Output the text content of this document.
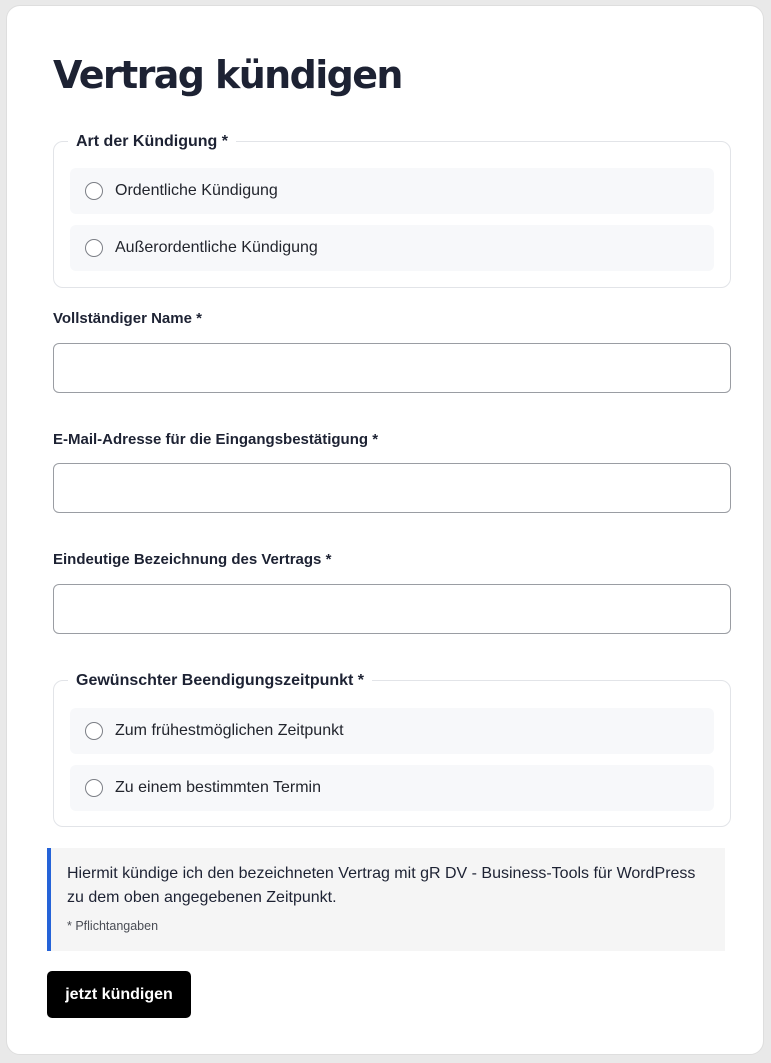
Vertrag kündigen
Art der Kündigung *
Ordentliche Kündigung
Außerordentliche Kündigung
Vollständiger Name *
E-Mail-Adresse für die Eingangsbestätigung *
Eindeutige Bezeichnung des Vertrags *
Gewünschter Beendigungszeitpunkt *
Zum frühestmöglichen Zeitpunkt
Zu einem bestimmten Termin

Hiermit kündige ich den bezeichneten Vertrag mit gR DV - Business-Tools für WordPress zu dem oben angegebenen Zeitpunkt.

* Pflichtangaben

jetzt kündigen
